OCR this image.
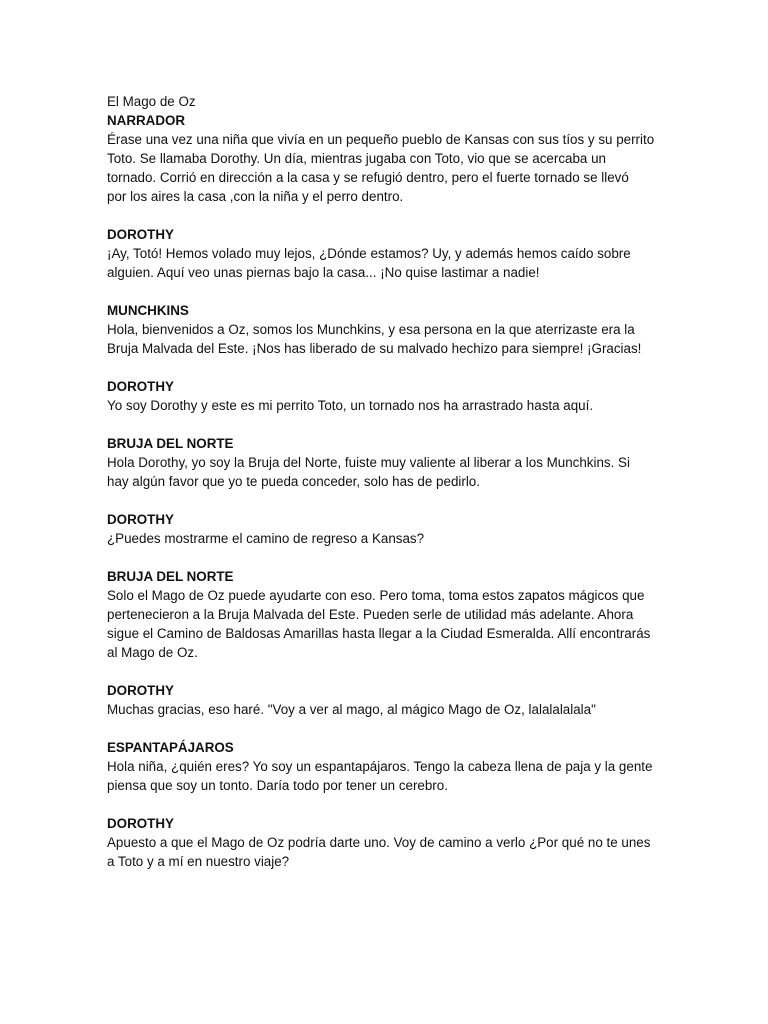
El Mago de Oz

NARRADOR

Érase una vez una niña que vivía en un pequeño pueblo de Kansas con sus tíos y su perrito

Toto. Se llamaba Dorothy. Un día, mientras jugaba con Toto, vio que se acercaba un

tornado. Corrió en dirección a la casa y se refugió dentro, pero el fuerte tornado se llevó

por los aires la casa ,con la niña y el perro dentro.

DOROTHY

¡Ay, Totó! Hemos volado muy lejos, ¿Dónde estamos? Uy, y además hemos caído sobre

alguien. Aquí veo unas piernas bajo la casa... ¡No quise lastimar a nadie!

MUNCHKINS

Hola, bienvenidos a Oz, somos los Munchkins, y esa persona en la que aterrizaste era la

Bruja Malvada del Este. ¡Nos has liberado de su malvado hechizo para siempre! ¡Gracias!

DOROTHY

Yo soy Dorothy y este es mi perrito Toto, un tornado nos ha arrastrado hasta aquí.

BRUJA DEL NORTE

Hola Dorothy, yo soy la Bruja del Norte, fuiste muy valiente al liberar a los Munchkins. Si

hay algún favor que yo te pueda conceder, solo has de pedirlo.

DOROTHY

¿Puedes mostrarme el camino de regreso a Kansas?

BRUJA DEL NORTE

Solo el Mago de Oz puede ayudarte con eso. Pero toma, toma estos zapatos mágicos que

pertenecieron a la Bruja Malvada del Este. Pueden serle de utilidad más adelante. Ahora

sigue el Camino de Baldosas Amarillas hasta llegar a la Ciudad Esmeralda. Allí encontrarás

al Mago de Oz.

DOROTHY

Muchas gracias, eso haré. "Voy a ver al mago, al mágico Mago de Oz, lalalalalala"

ESPANTAPÁJAROS

Hola niña, ¿quién eres? Yo soy un espantapájaros. Tengo la cabeza llena de paja y la gente

piensa que soy un tonto. Daría todo por tener un cerebro.

DOROTHY

Apuesto a que el Mago de Oz podría darte uno. Voy de camino a verlo ¿Por qué no te unes

a Toto y a mí en nuestro viaje?
